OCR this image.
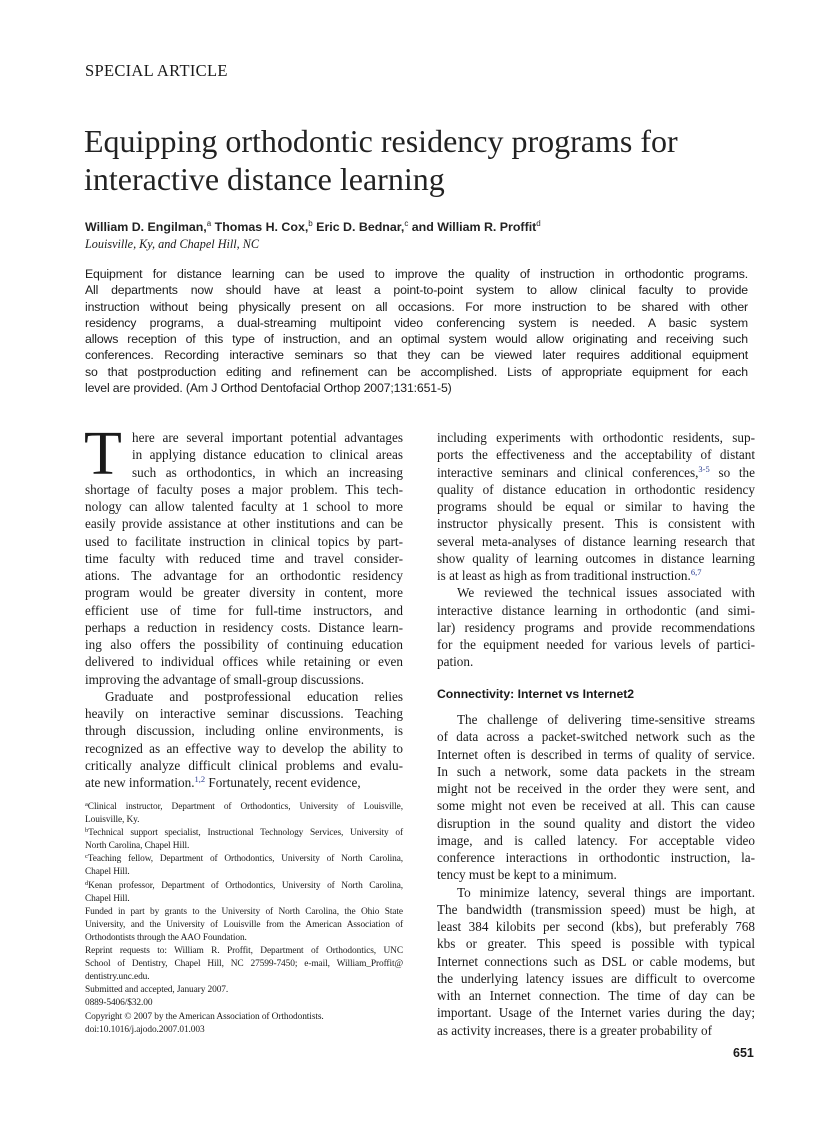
SPECIAL ARTICLE
Equipping orthodontic residency programs for
interactive distance learning
William D. Engilman,$^a$ Thomas H. Cox,$^b$ Eric D. Bednar,$^c$ and William R. Proffit$^d$
Louisville, Ky, and Chapel Hill, NC
Equipment for distance learning can be used to improve the quality of instruction in orthodontic programs.
All departments now should have at least a point-to-point system to allow clinical faculty to provide
instruction without being physically present on all occasions. For more instruction to be shared with other
residency programs, a dual-streaming multipoint video conferencing system is needed. A basic system
allows reception of this type of instruction, and an optimal system would allow originating and receiving such
conferences. Recording interactive seminars so that they can be viewed later requires additional equipment
so that postproduction editing and refinement can be accomplished. Lists of appropriate equipment for each
level are provided. (Am J Orthod Dentofacial Orthop 2007;131:651-5)
T here are several important potential advantages
in applying distance education to clinical areas
such as orthodontics, in which an increasing
shortage of faculty poses a major problem. This tech-
nology can allow talented faculty at 1 school to more
easily provide assistance at other institutions and can be
used to facilitate instruction in clinical topics by part-
time faculty with reduced time and travel consider-
ations. The advantage for an orthodontic residency
program would be greater diversity in content, more
efficient use of time for full-time instructors, and
perhaps a reduction in residency costs. Distance learn-
ing also offers the possibility of continuing education
delivered to individual offices while retaining or even
improving the advantage of small-group discussions.
Graduate and postprofessional education relies
heavily on interactive seminar discussions. Teaching
through discussion, including online environments, is
recognized as an effective way to develop the ability to
critically analyze difficult clinical problems and evalu-
ate new information.$^{1,2}$ Fortunately, recent evidence,
including experiments with orthodontic residents, sup-
ports the effectiveness and the acceptability of distant
interactive seminars and clinical conferences,$^{3-5}$ so the
quality of distance education in orthodontic residency
programs should be equal or similar to having the
instructor physically present. This is consistent with
several meta-analyses of distance learning research that
show quality of learning outcomes in distance learning
is at least as high as from traditional instruction.$^{6,7}$
We reviewed the technical issues associated with
interactive distance learning in orthodontic (and simi-
lar) residency programs and provide recommendations
for the equipment needed for various levels of partici-
pation.
Connectivity: Internet vs Internet2
The challenge of delivering time-sensitive streams
of data across a packet-switched network such as the
Internet often is described in terms of quality of service.
In such a network, some data packets in the stream
might not be received in the order they were sent, and
some might not even be received at all. This can cause
disruption in the sound quality and distort the video
image, and is called latency. For acceptable video
conference interactions in orthodontic instruction, la-
tency must be kept to a minimum.
To minimize latency, several things are important.
The bandwidth (transmission speed) must be high, at
least 384 kilobits per second (kbs), but preferably 768
kbs or greater. This speed is possible with typical
Internet connections such as DSL or cable modems, but
the underlying latency issues are difficult to overcome
with an Internet connection. The time of day can be
important. Usage of the Internet varies during the day;
as activity increases, there is a greater probability of
$^a$Clinical instructor, Department of Orthodontics, University of Louisville,
Louisville, Ky.
$^b$Technical support specialist, Instructional Technology Services, University of
North Carolina, Chapel Hill.
$^c$Teaching fellow, Department of Orthodontics, University of North Carolina,
Chapel Hill.
$^d$Kenan professor, Department of Orthodontics, University of North Carolina,
Chapel Hill.
Funded in part by grants to the University of North Carolina, the Ohio State
University, and the University of Louisville from the American Association of
Orthodontists through the AAO Foundation.
Reprint requests to: William R. Proffit, Department of Orthodontics, UNC
School of Dentistry, Chapel Hill, NC 27599-7450; e-mail, William_Proffit@
dentistry.unc.edu.
Submitted and accepted, January 2007.
0889-5406/$32.00
Copyright © 2007 by the American Association of Orthodontists.
doi:10.1016/j.ajodo.2007.01.003
651
